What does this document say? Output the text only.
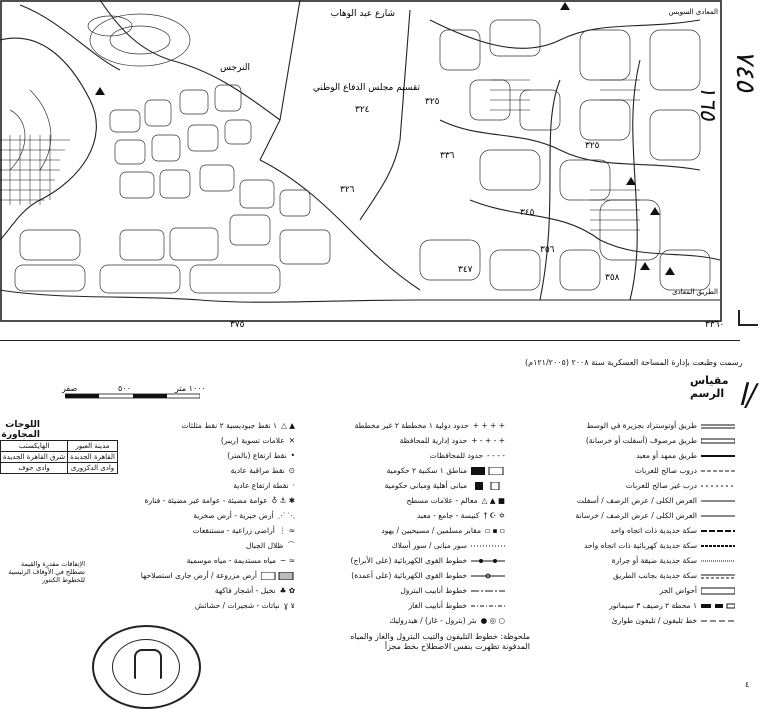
شارع عبد الوهاب
تقسيم مجلس الدفاع الوطني
النرجس
الطريق المعادى
المعادى السويس
٣٢٤
٣٢٥
٣٣٦
٣٤٥
٣٥٦
٣٤٧
٣٥٨
٣٢٦
٣٢٥
٣٧٥	٣٣٦٠
٧٤٥
١٦٥
ا/
رسمت وطبعت بإدارة المساحة العسكرية سنة ٢٠٠٨ (١٢١/٢٠٠٥م)
مقياس الرسم
١٠٠٠ متر
٥٠٠
صفر
اللوحات المجاورة
الهايكستب	مدينة العبور
شرق القاهرة الجديدة	القاهرة الجديدة
وادى حوف	وادى الدكرورى
الإتفاقات مقدرة والقيمة تصطلح في الأوقاف الرئيسية للخطوط الكنتور
طريق أوتوستراد بجزيرة في الوسط
طريق مرصوف (أسفلت أو خرسانة)
طريق ممهد أو معبد
دروب صالح للعربات
درب غير صالح للعربات
العرض الكلى / عرض الرصف / أسفلت
العرض الكلى / عرض الرصف / خرسانة
سكة حديدية ذات اتجاه واحد
سكة حديدية كهربائية ذات اتجاه واحد
سكة حديدية ضيقة أو جرارة
سكة حديدية بجانب الطريق
أحواض الجر
١ محطة ٢ رصيف ٣ سيماتور
خط تليفون / تليفون طوارئ
حدود دولية ١ مخططة ٢ غير مخططة + + + +
حدود إدارية للمحافظة + - + - +
حدود للمحافظات - - - -
مناطق ١ سكنية ٢ حكومية
مبانى أهلية ومبانى حكومية
معالم - علامات مسطح △ ▲ ■
كنيسة - جامع - معبد † ☪ ✡
مقابر مسلمين / مسيحيين / يهود ▫ ▪ ▫
سور مبانى / سور أسلاك
خطوط القوى الكهربائية (على الأبراج)
خطوط القوى الكهربائية (على أعمدة)
خطوط أنابيب البترول
خطوط أنابيب الغاز
بئر (بترول - غاز) / هيدروليك ● ◎ ○
١ نقط جيوديسية ٢ نقط مثلثات △ ▲
علامات تسوية (ريبر) ✕
نقط ارتفاع (بالمتر) •
نقط مراقبة عادية ⊙
نقطة ارتفاع عادية ·
عوامة مضيئة - عوامة غير مضيئة - فنارة ♁ ⚓ ✱
أرض جيرية - أرض صخرية ⋰ ⋱
أراضى زراعية - مستنقعات ⋮ ≈
ظلال الجبال ⌒
مياه مستديمة - مياه موسمية ~ ≈
أرض مزروعة / أرض جارى استصلاحها
نخيل - أشجار فاكهة ♣ ✿
نباتات - شجيرات / حشائش ɣ ɤ
ملحوظة: خطوط التليفون والتيب البترول والغاز والمياه
المدفونة تظهرت بنفس الاصطلاح بخط مجزأ
٤
